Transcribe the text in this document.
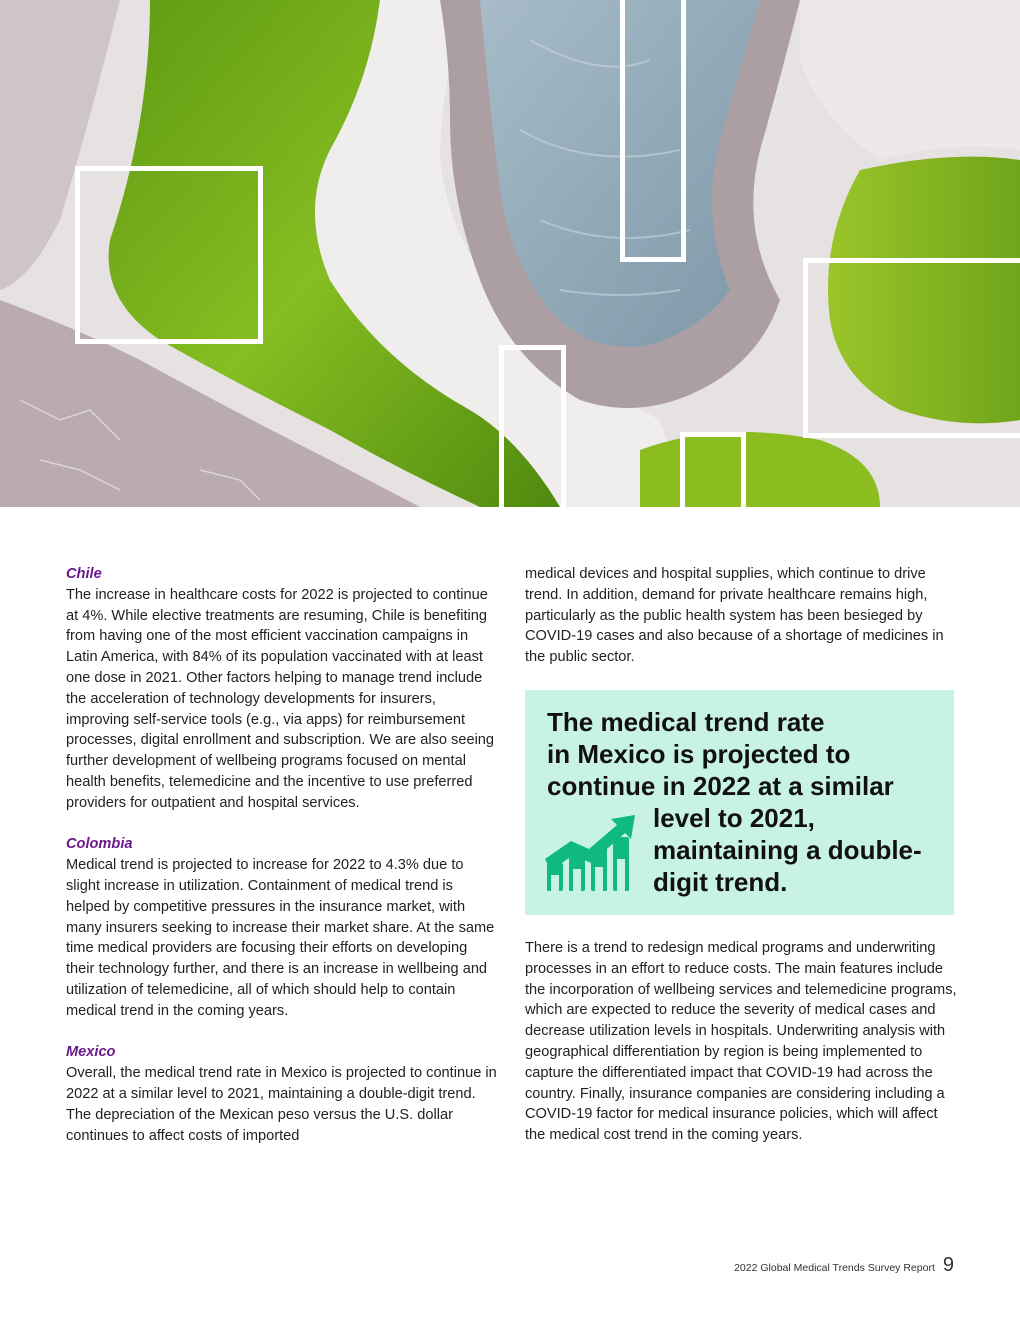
Chile

The increase in healthcare costs for 2022 is projected to continue at 4%. While elective treatments are resuming, Chile is benefiting from having one of the most efficient vaccination campaigns in Latin America, with 84% of its population vaccinated with at least one dose in 2021. Other factors helping to manage trend include the acceleration of technology developments for insurers, improving self-service tools (e.g., via apps) for reimbursement processes, digital enrollment and subscription. We are also seeing further development of wellbeing programs focused on mental health benefits, telemedicine and the incentive to use preferred providers for outpatient and hospital services.

Colombia

Medical trend is projected to increase for 2022 to 4.3% due to slight increase in utilization. Containment of medical trend is helped by competitive pressures in the insurance market, with many insurers seeking to increase their market share. At the same time medical providers are focusing their efforts on developing their technology further, and there is an increase in wellbeing and utilization of telemedicine, all of which should help to contain medical trend in the coming years.

Mexico

Overall, the medical trend rate in Mexico is projected to continue in 2022 at a similar level to 2021, maintaining a double-digit trend. The depreciation of the Mexican peso versus the U.S. dollar continues to affect costs of imported

medical devices and hospital supplies, which continue to drive trend. In addition, demand for private healthcare remains high, particularly as the public health system has been besieged by COVID-19 cases and also because of a shortage of medicines in the public sector.

The medical trend rate
in Mexico is projected to
continue in 2022 at a similar
level to 2021,
maintaining a double-
digit trend.

There is a trend to redesign medical programs and underwriting processes in an effort to reduce costs. The main features include the incorporation of wellbeing services and telemedicine programs, which are expected to reduce the severity of medical cases and decrease utilization levels in hospitals. Underwriting analysis with geographical differentiation by region is being implemented to capture the differentiated impact that COVID-19 had across the country. Finally, insurance companies are considering including a COVID-19 factor for medical insurance policies, which will affect the medical cost trend in the coming years.

2022 Global Medical Trends Survey Report 9
